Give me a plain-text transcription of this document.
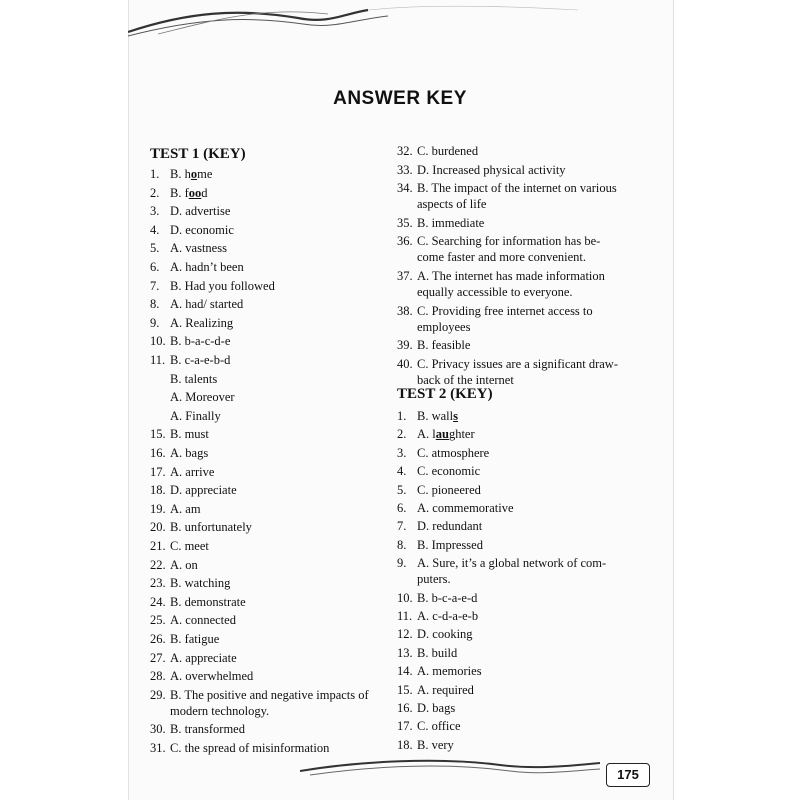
ANSWER KEY
TEST 1 (KEY)
1. B. home
2. B. food
3. D. advertise
4. D. economic
5. A. vastness
6. A. hadn’t been
7. B. Had you followed
8. A. had/ started
9. A. Realizing
10. B. b-a-c-d-e
11. B. c-a-e-b-d
B. talents
A. Moreover
A. Finally
15. B. must
16. A. bags
17. A. arrive
18. D. appreciate
19. A. am
20. B. unfortunately
21. C. meet
22. A. on
23. B. watching
24. B. demonstrate
25. A. connected
26. B. fatigue
27. A. appreciate
28. A. overwhelmed
29. B. The positive and negative impacts of
modern technology.
30. B. transformed
31. C. the spread of misinformation
32. C. burdened
33. D. Increased physical activity
34. B. The impact of the internet on various
aspects of life
35. B. immediate
36. C. Searching for information has be-
come faster and more convenient.
37. A. The internet has made information
equally accessible to everyone.
38. C. Providing free internet access to
employees
39. B. feasible
40. C. Privacy issues are a significant draw-
back of the internet
TEST 2 (KEY)
1. B. walls
2. A. laughter
3. C. atmosphere
4. C. economic
5. C. pioneered
6. A. commemorative
7. D. redundant
8. B. Impressed
9. A. Sure, it’s a global network of com-
puters.
10. B. b-c-a-e-d
11. A. c-d-a-e-b
12. D. cooking
13. B. build
14. A. memories
15. A. required
16. D. bags
17. C. office
18. B. very
175
